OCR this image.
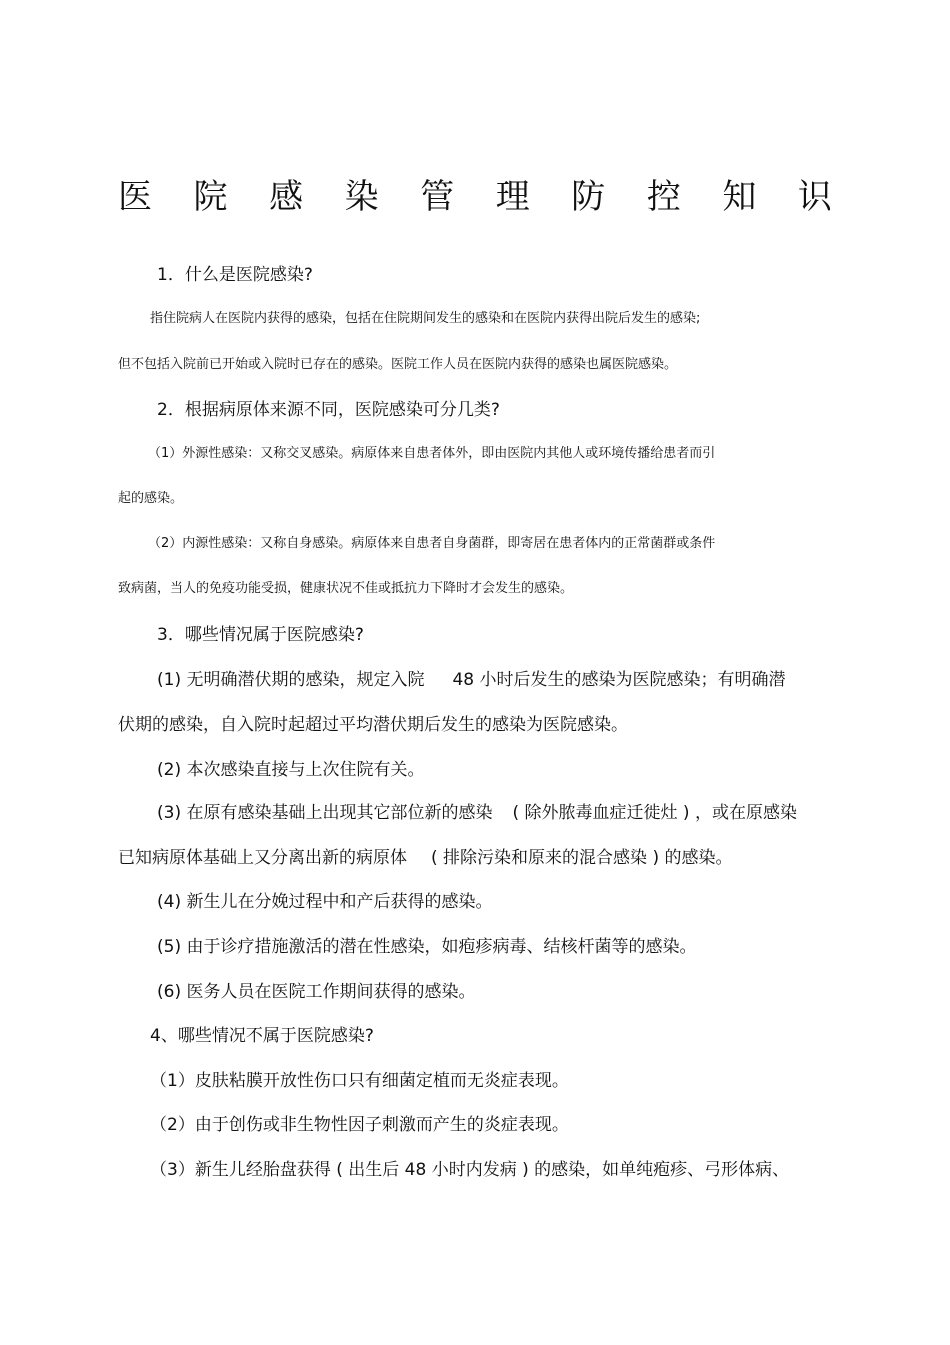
医 院 感 染 管 理 防 控 知 识
1．什么是医院感染?
指住院病人在医院内获得的感染，包括在住院期间发生的感染和在医院内获得出院后发生的感染;
但不包括入院前已开始或入院时已存在的感染。医院工作人员在医院内获得的感染也属医院感染。
2．根据病原体来源不同，医院感染可分几类?
（1）外源性感染：又称交叉感染。病原体来自患者体外，即由医院内其他人或环境传播给患者而引
起的感染。
（2）内源性感染：又称自身感染。病原体来自患者自身菌群，即寄居在患者体内的正常菌群或条件
致病菌，当人的免疫功能受损，健康状况不佳或抵抗力下降时才会发生的感染。
3．哪些情况属于医院感染?
(1) 无明确潜伏期的感染，规定入院 48 小时后发生的感染为医院感染；有明确潜
伏期的感染，自入院时起超过平均潜伏期后发生的感染为医院感染。
(2) 本次感染直接与上次住院有关。
(3) 在原有感染基础上出现其它部位新的感染 ( 除外脓毒血症迁徙灶 ) ，或在原感染
已知病原体基础上又分离出新的病原体 ( 排除污染和原来的混合感染 ) 的感染。
(4) 新生儿在分娩过程中和产后获得的感染。
(5) 由于诊疗措施激活的潜在性感染，如疱疹病毒、结核杆菌等的感染。
(6) 医务人员在医院工作期间获得的感染。
4、哪些情况不属于医院感染?
（1）皮肤粘膜开放性伤口只有细菌定植而无炎症表现。
（2）由于创伤或非生物性因子刺激而产生的炎症表现。
（3）新生儿经胎盘获得 ( 出生后 48 小时内发病 ) 的感染，如单纯疱疹、弓形体病、
